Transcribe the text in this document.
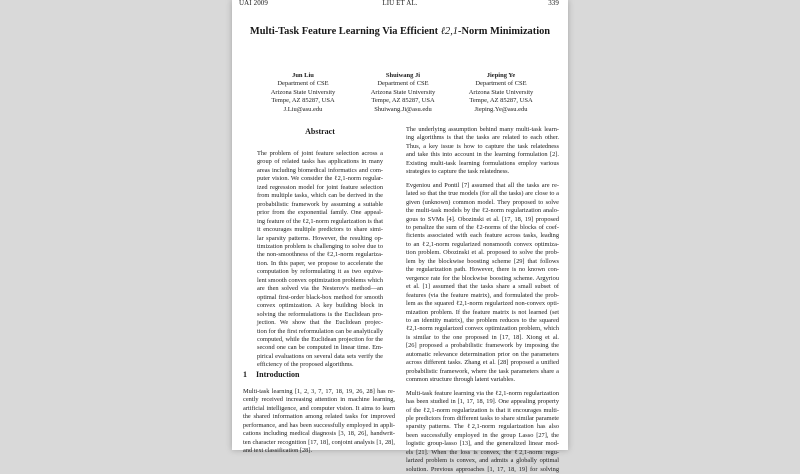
UAI 2009	LIU ET AL.	339
Multi-Task Feature Learning Via Efficient ℓ2,1-Norm Minimization
Jun Liu
Department of CSE
Arizona State University
Tempe, AZ 85287, USA
J.Liu@asu.edu
Shuiwang Ji
Department of CSE
Arizona State University
Tempe, AZ 85287, USA
Shuiwang.Ji@asu.edu
Jieping Ye
Department of CSE
Arizona State University
Tempe, AZ 85287, USA
Jieping.Ye@asu.edu
Abstract
The problem of joint feature selection across a
group of related tasks has applications in many
areas including biomedical informatics and com-
puter vision. We consider the ℓ2,1-norm regular-
ized regression model for joint feature selection
from multiple tasks, which can be derived in the
probabilistic framework by assuming a suitable
prior from the exponential family. One appeal-
ing feature of the ℓ2,1-norm regularization is that
it encourages multiple predictors to share simi-
lar sparsity patterns. However, the resulting op-
timization problem is challenging to solve due to
the non-smoothness of the ℓ2,1-norm regulariza-
tion. In this paper, we propose to accelerate the
computation by reformulating it as two equiva-
lent smooth convex optimization problems which
are then solved via the Nesterov's method—an
optimal first-order black-box method for smooth
convex optimization. A key building block in
solving the reformulations is the Euclidean pro-
jection. We show that the Euclidean projec-
tion for the first reformulation can be analytically
computed, while the Euclidean projection for the
second one can be computed in linear time. Em-
pirical evaluations on several data sets verify the
efficiency of the proposed algorithms.
1 Introduction
Multi-task learning [1, 2, 3, 7, 17, 18, 19, 26, 28] has re-
cently received increasing attention in machine learning,
artificial intelligence, and computer vision. It aims to learn
the shared information among related tasks for improved
performance, and has been successfully employed in appli-
cations including medical diagnosis [3, 18, 26], handwrit-
ten character recognition [17, 18], conjoint analysis [1, 28],
and text classification [28].
The underlying assumption behind many multi-task learn-
ing algorithms is that the tasks are related to each other.
Thus, a key issue is how to capture the task relatedness
and take this into account in the learning formulation [2].
Existing multi-task learning formulations employ various
strategies to capture the task relatedness.
Evgeniou and Pontil [7] assumed that all the tasks are re-
lated so that the true models (for all the tasks) are close to a
given (unknown) common model. They proposed to solve
the multi-task models by the ℓ2-norm regularization analo-
gous to SVMs [4]. Obozinski et al. [17, 18, 19] proposed
to penalize the sum of the ℓ2-norms of the blocks of coef-
ficients associated with each feature across tasks, leading
to an ℓ2,1-norm regularized nonsmooth convex optimiza-
tion problem. Obozinski et al. proposed to solve the prob-
lem by the blockwise boosting scheme [29] that follows
the regularization path. However, there is no known con-
vergence rate for the blockwise boosting scheme. Argyriou
et al. [1] assumed that the tasks share a small subset of
features (via the feature matrix), and formulated the prob-
lem as the squared ℓ2,1-norm regularized non-convex opti-
mization problem. If the feature matrix is not learned (set
to an identity matrix), the problem reduces to the squared
ℓ2,1-norm regularized convex optimization problem, which
is similar to the one proposed in [17, 18]. Xiong et al.
[26] proposed a probabilistic framework by imposing the
automatic relevance determination prior on the parameters
across different tasks. Zhang et al. [28] proposed a unified
probabilistic framework, where the task parameters share a
common structure through latent variables.
Multi-task feature learning via the ℓ2,1-norm regularization
has been studied in [1, 17, 18, 19]. One appealing property
of the ℓ2,1-norm regularization is that it encourages multi-
ple predictors from different tasks to share similar paramete
sparsity patterns. The ℓ2,1-norm regularization has also
been successfully employed in the group Lasso [27], the
logistic group-lasso [13], and the generalized linear mod-
els [21]. When the loss is convex, the ℓ2,1-norm regu-
larized problem is convex, and admits a globally optimal
solution. Previous approaches [1, 17, 18, 19] for solving
